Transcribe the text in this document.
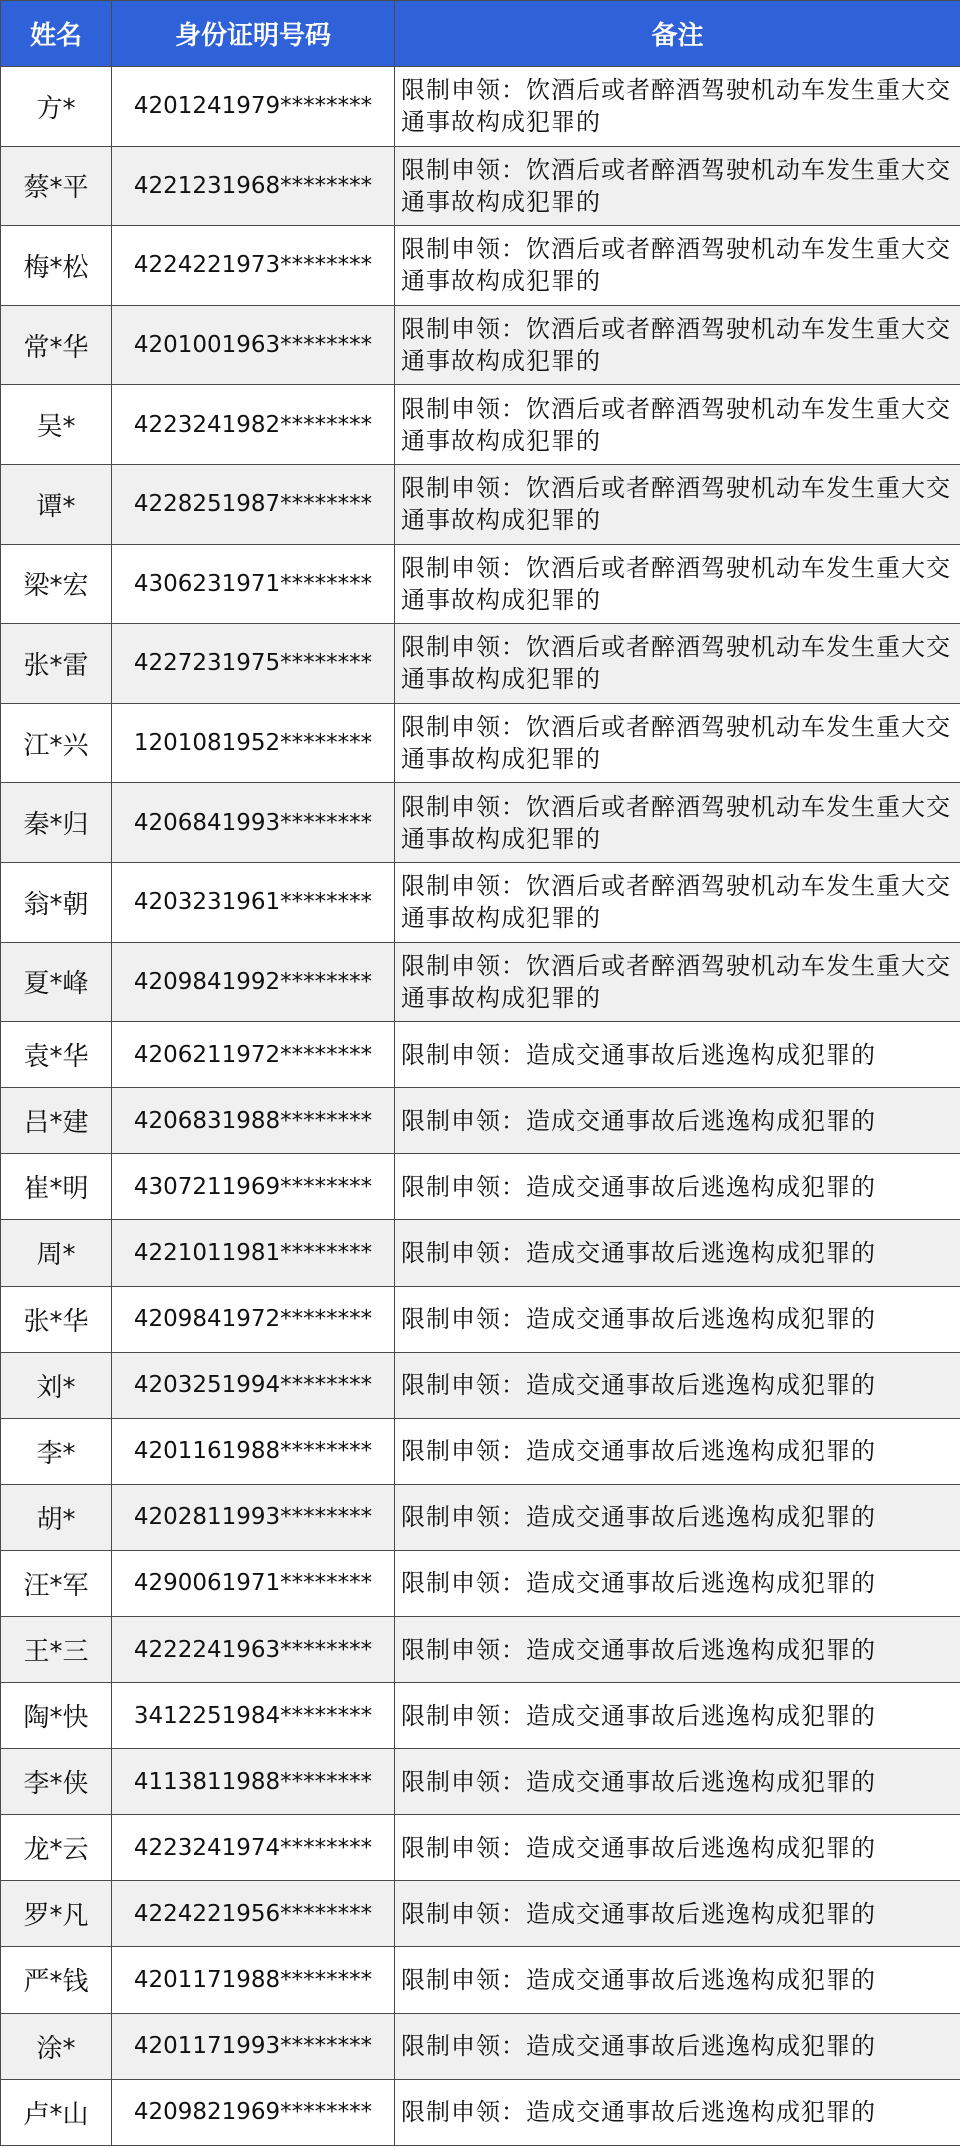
姓名	身份证明号码	备注
方*	4201241979********	限制申领：饮酒后或者醉酒驾驶机动车发生重大交通事故构成犯罪的
蔡*平	4221231968********	限制申领：饮酒后或者醉酒驾驶机动车发生重大交通事故构成犯罪的
梅*松	4224221973********	限制申领：饮酒后或者醉酒驾驶机动车发生重大交通事故构成犯罪的
常*华	4201001963********	限制申领：饮酒后或者醉酒驾驶机动车发生重大交通事故构成犯罪的
吴*	4223241982********	限制申领：饮酒后或者醉酒驾驶机动车发生重大交通事故构成犯罪的
谭*	4228251987********	限制申领：饮酒后或者醉酒驾驶机动车发生重大交通事故构成犯罪的
梁*宏	4306231971********	限制申领：饮酒后或者醉酒驾驶机动车发生重大交通事故构成犯罪的
张*雷	4227231975********	限制申领：饮酒后或者醉酒驾驶机动车发生重大交通事故构成犯罪的
江*兴	1201081952********	限制申领：饮酒后或者醉酒驾驶机动车发生重大交通事故构成犯罪的
秦*归	4206841993********	限制申领：饮酒后或者醉酒驾驶机动车发生重大交通事故构成犯罪的
翁*朝	4203231961********	限制申领：饮酒后或者醉酒驾驶机动车发生重大交通事故构成犯罪的
夏*峰	4209841992********	限制申领：饮酒后或者醉酒驾驶机动车发生重大交通事故构成犯罪的
袁*华	4206211972********	限制申领：造成交通事故后逃逸构成犯罪的
吕*建	4206831988********	限制申领：造成交通事故后逃逸构成犯罪的
崔*明	4307211969********	限制申领：造成交通事故后逃逸构成犯罪的
周*	4221011981********	限制申领：造成交通事故后逃逸构成犯罪的
张*华	4209841972********	限制申领：造成交通事故后逃逸构成犯罪的
刘*	4203251994********	限制申领：造成交通事故后逃逸构成犯罪的
李*	4201161988********	限制申领：造成交通事故后逃逸构成犯罪的
胡*	4202811993********	限制申领：造成交通事故后逃逸构成犯罪的
汪*军	4290061971********	限制申领：造成交通事故后逃逸构成犯罪的
王*三	4222241963********	限制申领：造成交通事故后逃逸构成犯罪的
陶*快	3412251984********	限制申领：造成交通事故后逃逸构成犯罪的
李*侠	4113811988********	限制申领：造成交通事故后逃逸构成犯罪的
龙*云	4223241974********	限制申领：造成交通事故后逃逸构成犯罪的
罗*凡	4224221956********	限制申领：造成交通事故后逃逸构成犯罪的
严*钱	4201171988********	限制申领：造成交通事故后逃逸构成犯罪的
涂*	4201171993********	限制申领：造成交通事故后逃逸构成犯罪的
卢*山	4209821969********	限制申领：造成交通事故后逃逸构成犯罪的
